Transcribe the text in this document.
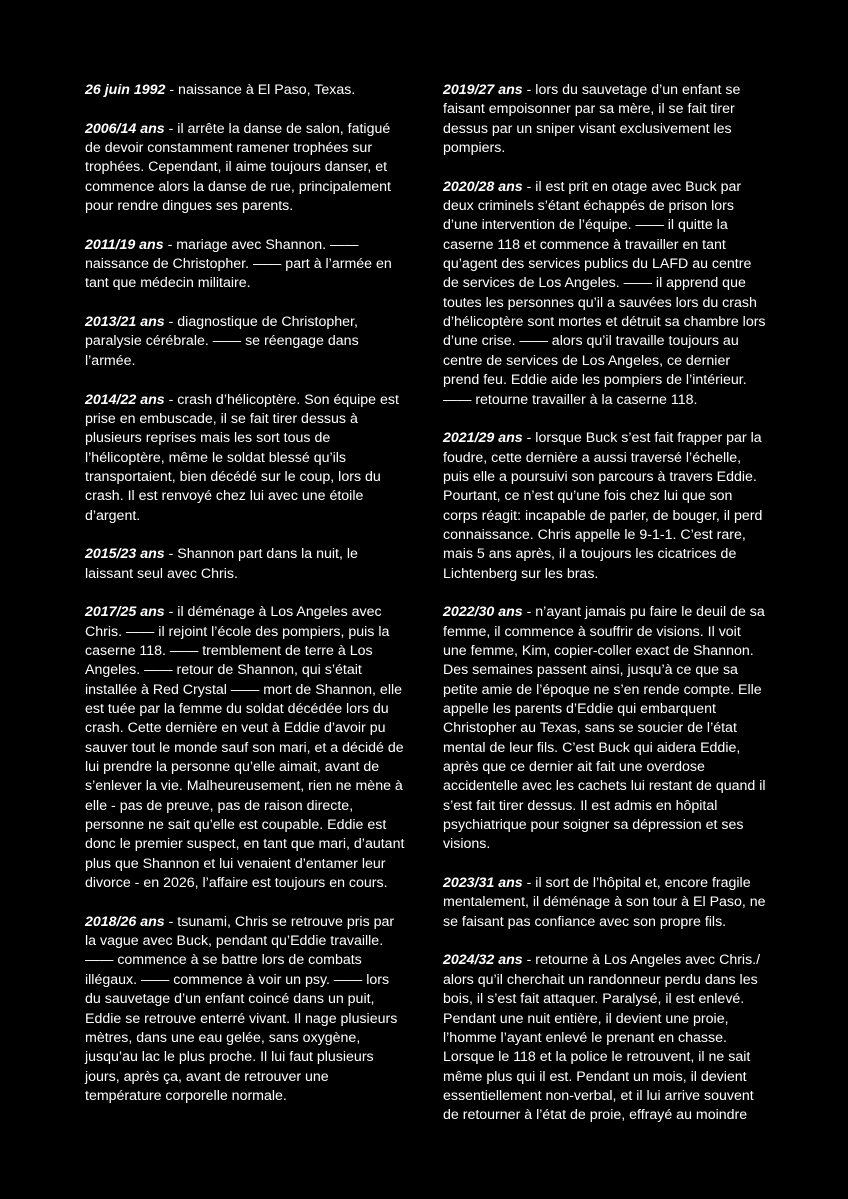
26 juin 1992 - naissance à El Paso, Texas.

2006/14 ans - il arrête la danse de salon, fatigué de devoir constamment ramener trophées sur trophées. Cependant, il aime toujours danser, et commence alors la danse de rue, principalement pour rendre dingues ses parents.

2011/19 ans - mariage avec Shannon. —— naissance de Christopher. —— part à l’armée en tant que médecin militaire.

2013/21 ans - diagnostique de Christopher, paralysie cérébrale. —— se réengage dans l’armée.

2014/22 ans - crash d’hélicoptère. Son équipe est prise en embuscade, il se fait tirer dessus à plusieurs reprises mais les sort tous de l’hélicoptère, même le soldat blessé qu’ils transportaient, bien décédé sur le coup, lors du crash. Il est renvoyé chez lui avec une étoile d’argent.

2015/23 ans - Shannon part dans la nuit, le laissant seul avec Chris.

2017/25 ans - il déménage à Los Angeles avec Chris. —— il rejoint l’école des pompiers, puis la caserne 118. —— tremblement de terre à Los Angeles. —— retour de Shannon, qui s’était installée à Red Crystal —— mort de Shannon, elle est tuée par la femme du soldat décédée lors du crash. Cette dernière en veut à Eddie d’avoir pu sauver tout le monde sauf son mari, et a décidé de lui prendre la personne qu’elle aimait, avant de s’enlever la vie. Malheureusement, rien ne mène à elle - pas de preuve, pas de raison directe, personne ne sait qu’elle est coupable. Eddie est donc le premier suspect, en tant que mari, d’autant plus que Shannon et lui venaient d’entamer leur divorce - en 2026, l’affaire est toujours en cours.

2018/26 ans - tsunami, Chris se retrouve pris par la vague avec Buck, pendant qu’Eddie travaille. —— commence à se battre lors de combats illégaux. —— commence à voir un psy. —— lors du sauvetage d’un enfant coincé dans un puit, Eddie se retrouve enterré vivant. Il nage plusieurs mètres, dans une eau gelée, sans oxygène, jusqu’au lac le plus proche. Il lui faut plusieurs jours, après ça, avant de retrouver une température corporelle normale.

2019/27 ans - lors du sauvetage d’un enfant se faisant empoisonner par sa mère, il se fait tirer dessus par un sniper visant exclusivement les pompiers.

2020/28 ans - il est prit en otage avec Buck par deux criminels s’étant échappés de prison lors d’une intervention de l’équipe. —— il quitte la caserne 118 et commence à travailler en tant qu’agent des services publics du LAFD au centre de services de Los Angeles. —— il apprend que toutes les personnes qu’il a sauvées lors du crash d’hélicoptère sont mortes et détruit sa chambre lors d’une crise. —— alors qu’il travaille toujours au centre de services de Los Angeles, ce dernier prend feu. Eddie aide les pompiers de l’intérieur. —— retourne travailler à la caserne 118.

2021/29 ans - lorsque Buck s’est fait frapper par la foudre, cette dernière a aussi traversé l’échelle, puis elle a poursuivi son parcours à travers Eddie. Pourtant, ce n’est qu’une fois chez lui que son corps réagit: incapable de parler, de bouger, il perd connaissance. Chris appelle le 9-1-1. C’est rare, mais 5 ans après, il a toujours les cicatrices de Lichtenberg sur les bras.

2022/30 ans - n’ayant jamais pu faire le deuil de sa femme, il commence à souffrir de visions. Il voit une femme, Kim, copier-coller exact de Shannon. Des semaines passent ainsi, jusqu’à ce que sa petite amie de l’époque ne s’en rende compte. Elle appelle les parents d’Eddie qui embarquent Christopher au Texas, sans se soucier de l’état mental de leur fils. C’est Buck qui aidera Eddie, après que ce dernier ait fait une overdose accidentelle avec les cachets lui restant de quand il s’est fait tirer dessus. Il est admis en hôpital psychiatrique pour soigner sa dépression et ses visions.

2023/31 ans - il sort de l’hôpital et, encore fragile mentalement, il déménage à son tour à El Paso, ne se faisant pas confiance avec son propre fils.

2024/32 ans - retourne à Los Angeles avec Chris./ alors qu’il cherchait un randonneur perdu dans les bois, il s’est fait attaquer. Paralysé, il est enlevé. Pendant une nuit entière, il devient une proie, l’homme l’ayant enlevé le prenant en chasse. Lorsque le 118 et la police le retrouvent, il ne sait même plus qui il est. Pendant un mois, il devient essentiellement non-verbal, et il lui arrive souvent de retourner à l’état de proie, effrayé au moindre
